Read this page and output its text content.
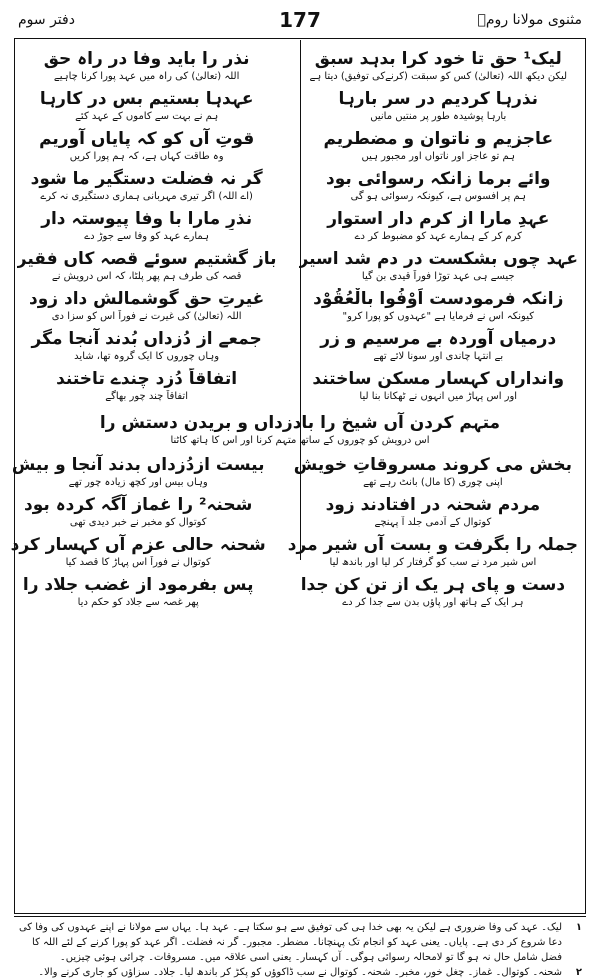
دفتر سوم	177	مثنوی مولانا رومؒ
لیک¹ حق تا خود کرا بدہد سبق
لیکن دیکھ اللہ (تعالیٰ) کس کو سبقت (کرنےکی توفیق) دیتا ہے
نذر را باید وفا در راہ حق
اللہ (تعالیٰ) کی راہ میں عہد پورا کرنا چاہیے
نذرہا کردیم در سر بارہا
بارہا پوشیدہ طور پر منتیں مانیں
عہدہا بستیم بس در کارہا
ہم نے بہت سے کاموں کے عہد کئے
عاجزیم و ناتوان و مضطریم
ہم تو عاجز اور ناتواں اور مجبور ہیں
قوتِ آں کو کہ پایاں آوریم
وہ طاقت کہاں ہے، کہ ہم پورا کریں
وائے برما زانکہ رسوائی بود
ہم پر افسوس ہے، کیونکہ رسوائی ہو گی
گر نہ فضلت دستگیر ما شود
(اے اللہ) اگر تیری مہربانی ہماری دستگیری نہ کرے
عہدِ مارا از کرم دار استوار
کرم کر کے ہمارے عہد کو مضبوط کر دے
نذرِ مارا با وفا پیوستہ دار
ہمارے عہد کو وفا سے جوڑ دے
عہد چوں بشکست در دم شد اسیر
جیسے ہی عہد توڑا فوراً قیدی بن گیا
باز گشتیم سوئے قصہ کاں فقیر
قصہ کی طرف ہم پھر پلٹا، کہ اس درویش نے
زانکہ فرمودست اَوْفُوا بالْعُقُوْد
کیونکہ اس نے فرمایا ہے "عہدوں کو پورا کرو"
غیرتِ حق گوشمالش داد زود
اللہ (تعالیٰ) کی غیرت نے فوراً اس کو سزا دی
درمیاں آوردہ بے مرسیم و زر
بے انتہا چاندی اور سونا لائے تھے
جمعے از دُزداں بُدند آنجا مگر
وہاں چوروں کا ایک گروہ تھا، شاید
وانداراں کہسار مسکن ساختند
اور اس پہاڑ میں انہوں نے ٹھکانا بنا لیا
اتفاقاً دُزد چندے تاختند
اتفاقاً چند چور بھاگے
متہم کردن آں شیخ را بادزداں و بریدن دستش را
اس درویش کو چوروں کے ساتھ متہم کرنا اور اس کا ہاتھ کاٹنا
بخش می کروند مسروقاتِ خویش
اپنی چوری (کا مال) بانٹ رہے تھے
بیست ازدُزداں بدند آنجا و بیش
وہاں بیس اور کچھ زیادہ چور تھے
مردم شحنہ در افتادند زود
کوتوال کے آدمی جلد آ پہنچے
شحنہ² را غماز آگہ کردہ بود
کوتوال کو مخبر نے خبر دیدی تھی
جملہ را بگرفت و بست آں شیر مرد
اس شیر مرد نے سب کو گرفتار کر لیا اور باندھ لیا
شحنہ حالی عزم آں کہسار کرد
کوتوال نے فوراً اس پہاڑ کا قصد کیا
دست و پای ہر یک از تن کن جدا
ہر ایک کے ہاتھ اور پاؤں بدن سے جدا کر دے
پس بفرمود از غضب جلاد را
پھر غصہ سے جلاد کو حکم دیا
۱
لیک۔ عہد کی وفا ضروری ہے لیکن یہ بھی خدا ہی کی توفیق سے ہو سکتا ہے۔ عہد ہا۔ یہاں سے مولانا نے اپنے عہدوں کی وفا کی دعا شروع کر دی ہے۔ پایاں۔ یعنی عہد کو انجام تک پہنچانا۔ مضطر۔ مجبور۔ گر نہ فضلت۔ اگر عہد کو پورا کرنے کے لئے اللہ کا فضل شامل حال نہ ہو گا تو لامحالہ رسوائی ہوگی۔ آں کہسار۔ یعنی اسی علاقہ میں۔ مسروقات۔ چرائی ہوئی چیزیں۔
۲
شحنہ۔ کوتوال۔ غماز۔ چغل خور، مخبر۔ شحنہ۔ کوتوال نے سب ڈاکوؤں کو پکڑ کر باندھ لیا۔ جلاد۔ سزاؤں کو جاری کرنے والا۔
